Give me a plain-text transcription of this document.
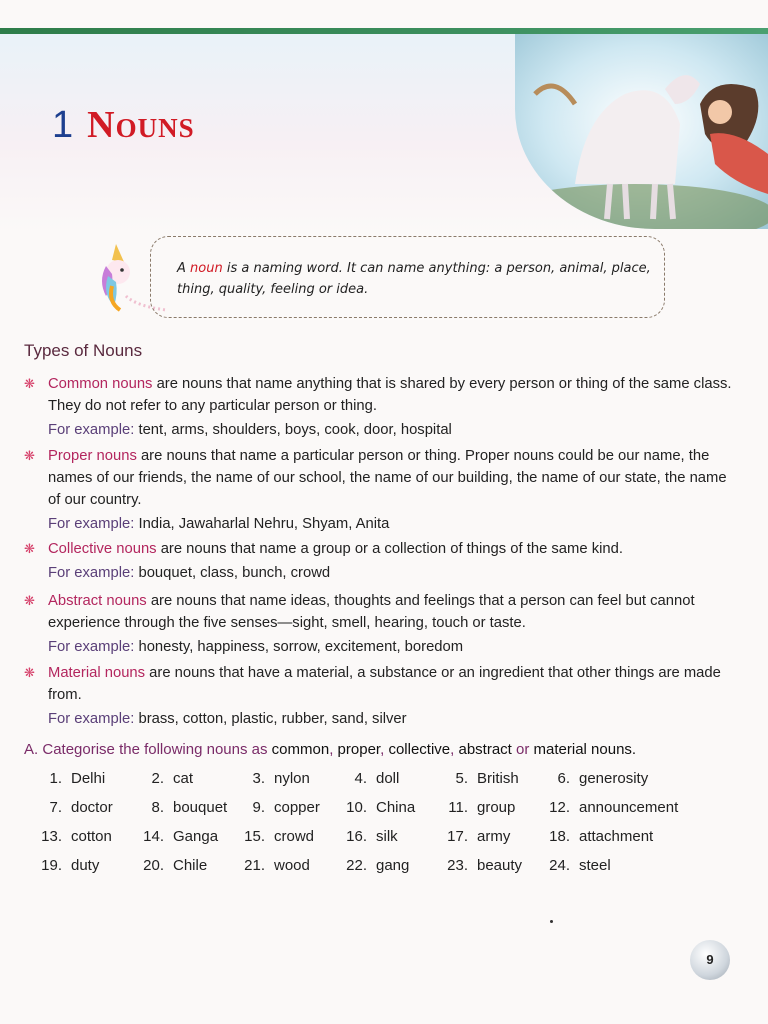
1 Nouns
A noun is a naming word. It can name anything: a person, animal, place, thing, quality, feeling or idea.
Types of Nouns
❋ Common nouns are nouns that name anything that is shared by every person or thing of the same class. They do not refer to any particular person or thing.
For example: tent, arms, shoulders, boys, cook, door, hospital
❋ Proper nouns are nouns that name a particular person or thing. Proper nouns could be our name, the names of our friends, the name of our school, the name of our building, the name of our state, the name of our country.
For example: India, Jawaharlal Nehru, Shyam, Anita
❋ Collective nouns are nouns that name a group or a collection of things of the same kind.
For example: bouquet, class, bunch, crowd
❋ Abstract nouns are nouns that name ideas, thoughts and feelings that a person can feel but cannot experience through the five senses—sight, smell, hearing, touch or taste.
For example: honesty, happiness, sorrow, excitement, boredom
❋ Material nouns are nouns that have a material, a substance or an ingredient that other things are made from.
For example: brass, cotton, plastic, rubber, sand, silver
A. Categorise the following nouns as common, proper, collective, abstract or material nouns.
1. Delhi	2. cat	3. nylon	4. doll	5. British	6. generosity
7. doctor	8. bouquet	9. copper	10. China	11. group	12. announcement
13. cotton	14. Ganga	15. crowd	16. silk	17. army	18. attachment
19. duty	20. Chile	21. wood	22. gang	23. beauty	24. steel
9
